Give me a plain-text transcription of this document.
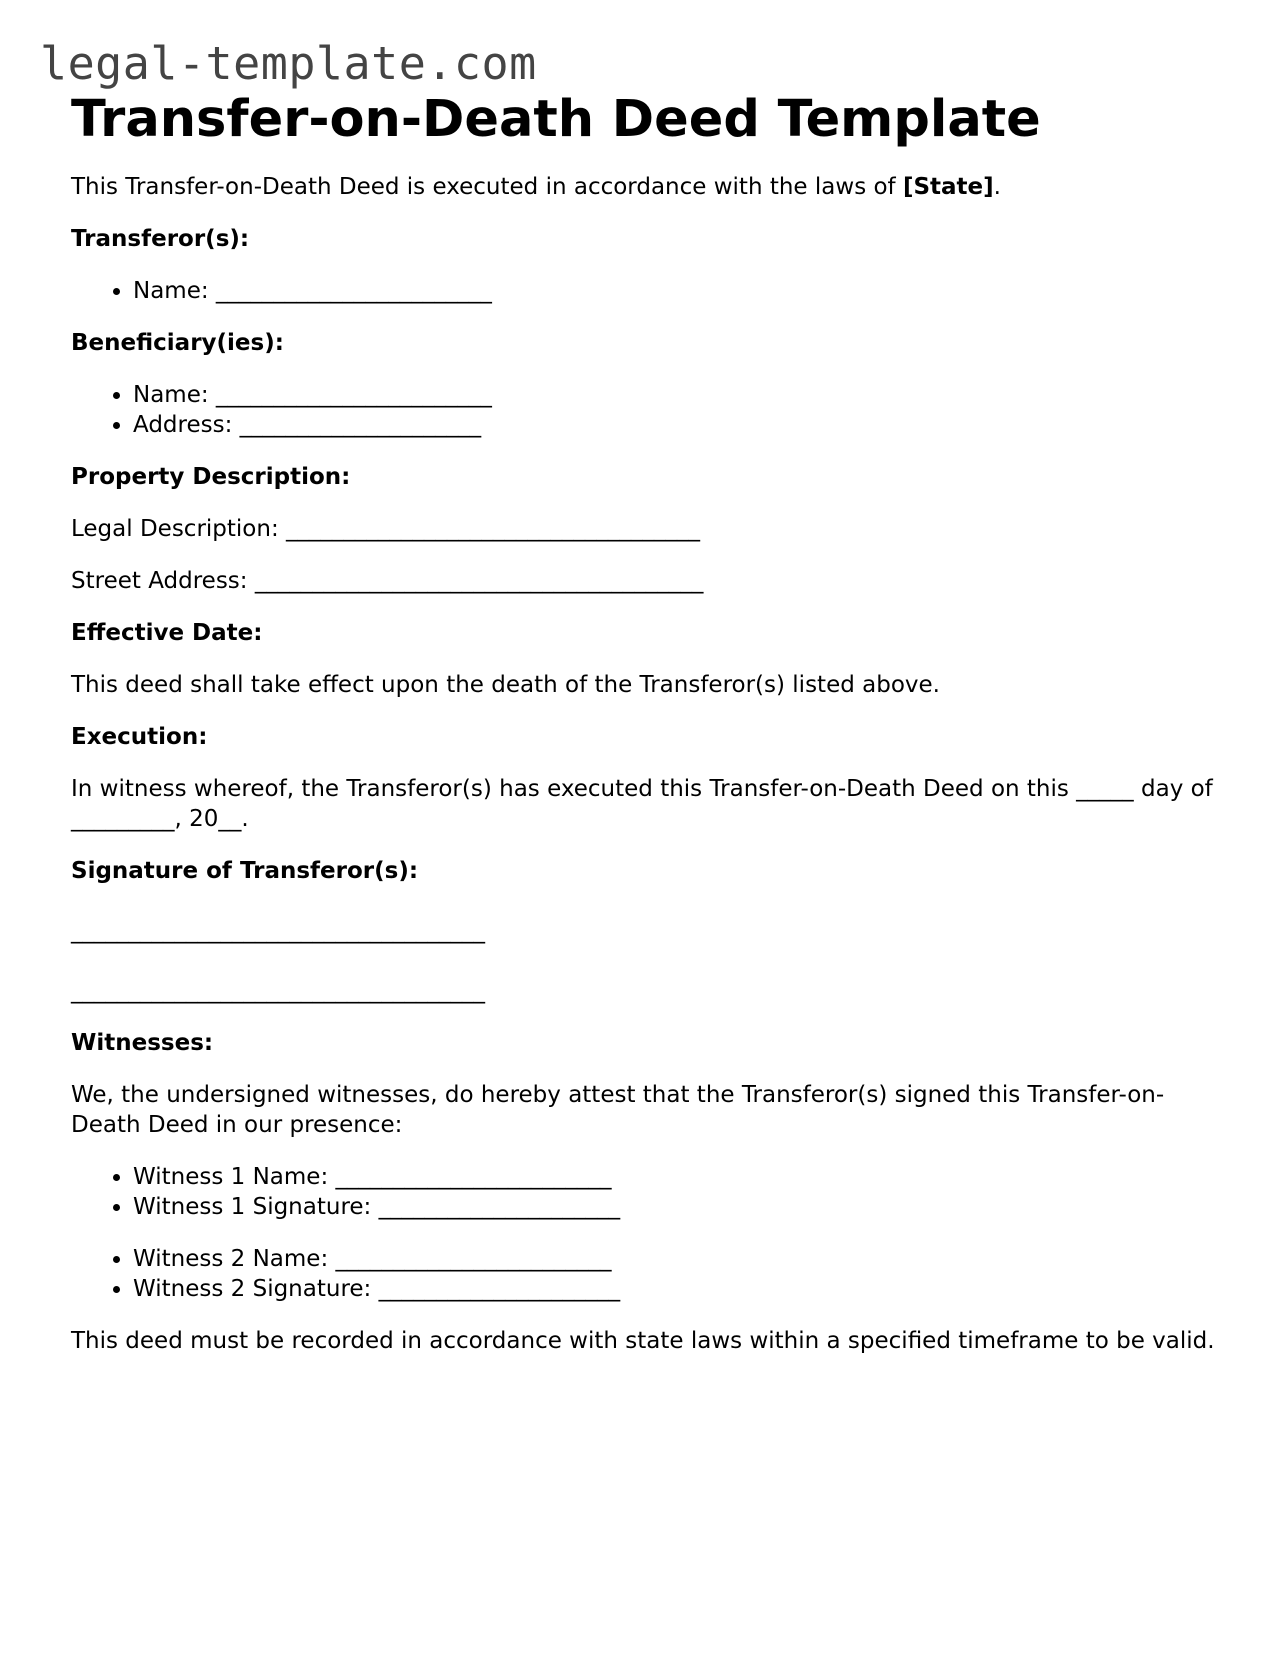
legal-template.com
Transfer-on-Death Deed Template

This Transfer-on-Death Deed is executed in accordance with the laws of [State].

Transferor(s):
• Name: ________________________
Beneficiary(ies):
• Name: ________________________
• Address: _____________________
Property Description:

Legal Description: ____________________________________

Street Address: _______________________________________

Effective Date:

This deed shall take effect upon the death of the Transferor(s) listed above.

Execution:

In witness whereof, the Transferor(s) has executed this Transfer-on-Death Deed on this _____ day of _________, 20__.

Signature of Transferor(s):

____________________________________

____________________________________

Witnesses:

We, the undersigned witnesses, do hereby attest that the Transferor(s) signed this Transfer-on-Death Deed in our presence:

• Witness 1 Name: ________________________
• Witness 1 Signature: _____________________
• Witness 2 Name: ________________________
• Witness 2 Signature: _____________________

This deed must be recorded in accordance with state laws within a specified timeframe to be valid.
